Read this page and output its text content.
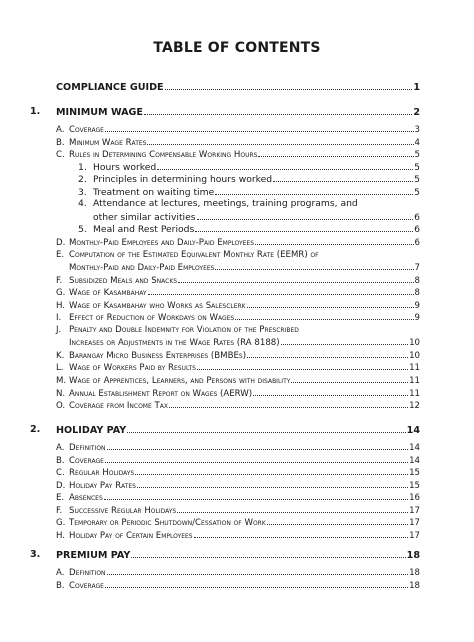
TABLE OF CONTENTS
COMPLIANCE GUIDE	1
1. MINIMUM WAGE	2
A. Coverage	3
B. Minimum Wage Rates	4
C. Rules in Determining Compensable Working Hours	5
1. Hours worked	5
2. Principles in determining hours worked	5
3. Treatment on waiting time	5
4. Attendance at lectures, meetings, training programs, and
other similar activities	6
5. Meal and Rest Periods	6
D. Monthly-Paid Employees and Daily-Paid Employees	6
E. Computation of the Estimated Equivalent Monthly Rate (EEMR) of
Monthly-Paid and Daily-Paid Employees	7
F. Subsidized Meals and Snacks	8
G. Wage of Kasambahay	8
H. Wage of Kasambahay who Works as Salesclerk	9
I. Effect of Reduction of Workdays on Wages	9
J. Penalty and Double Indemnity for Violation of the Prescribed
Increases or Adjustments in the Wage Rates (RA 8188)	10
K. Barangay Micro Business Enterprises (BMBEs)	10
L. Wage of Workers Paid by Results	11
M. Wage of Apprentices, Learners, and Persons with disability	11
N. Annual Establishment Report on Wages (AERW)	11
O. Coverage from Income Tax	12
2. HOLIDAY PAY	14
A. Definition	14
B. Coverage	14
C. Regular Holidays	15
D. Holiday Pay Rates	15
E. Absences	16
F. Successive Regular Holidays	17
G. Temporary or Periodic Shutdown/Cessation of Work	17
H. Holiday Pay of Certain Employees	17
3. PREMIUM PAY	18
A. Definition	18
B. Coverage	18
